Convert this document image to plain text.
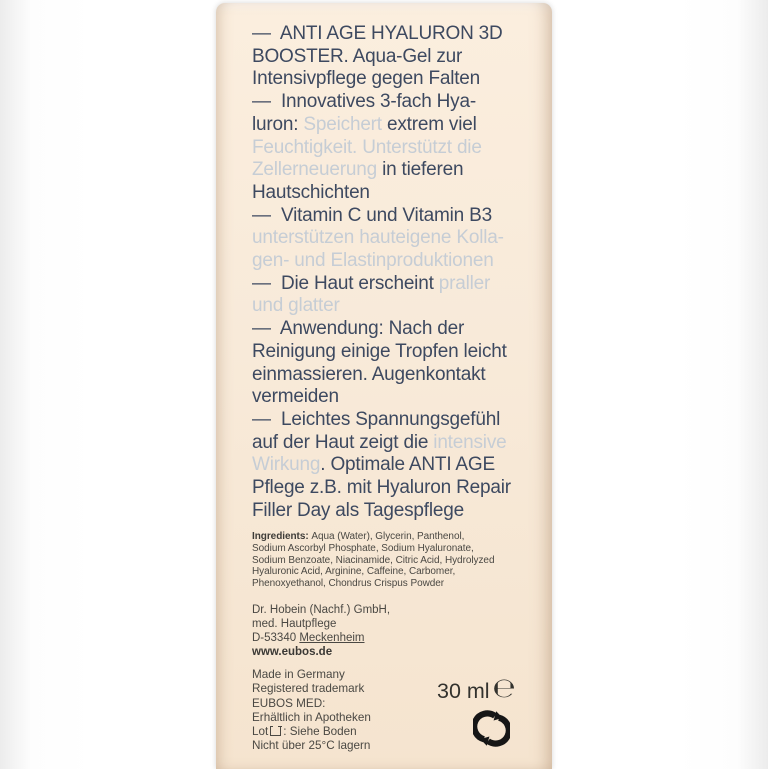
—  ANTI AGE HYALURON 3D
BOOSTER. Aqua-Gel zur
Intensivpflege gegen Falten
—  Innovatives 3-fach Hya-
luron: Speichert extrem viel
Feuchtigkeit. Unterstützt die
Zellerneuerung in tieferen
Hautschichten
—  Vitamin C und Vitamin B3
unterstützen hauteigene Kolla-
gen- und Elastinproduktionen
—  Die Haut erscheint praller
und glatter
—  Anwendung: Nach der
Reinigung einige Tropfen leicht
einmassieren. Augenkontakt
vermeiden
—  Leichtes Spannungsgefühl
auf der Haut zeigt die intensive
Wirkung. Optimale ANTI AGE
Pflege z.B. mit Hyaluron Repair
Filler Day als Tagespflege
Ingredients: Aqua (Water), Glycerin, Panthenol,
Sodium Ascorbyl Phosphate, Sodium Hyaluronate,
Sodium Benzoate, Niacinamide, Citric Acid, Hydrolyzed
Hyaluronic Acid, Arginine, Caffeine, Carbomer,
Phenoxyethanol, Chondrus Crispus Powder
Dr. Hobein (Nachf.) GmbH,
med. Hautpflege
D-53340 Meckenheim
www.eubos.de
Made in Germany
Registered trademark
EUBOS MED:
Erhältlich in Apotheken
Lot : Siehe Boden
Nicht über 25°C lagern
30 ml ℮
